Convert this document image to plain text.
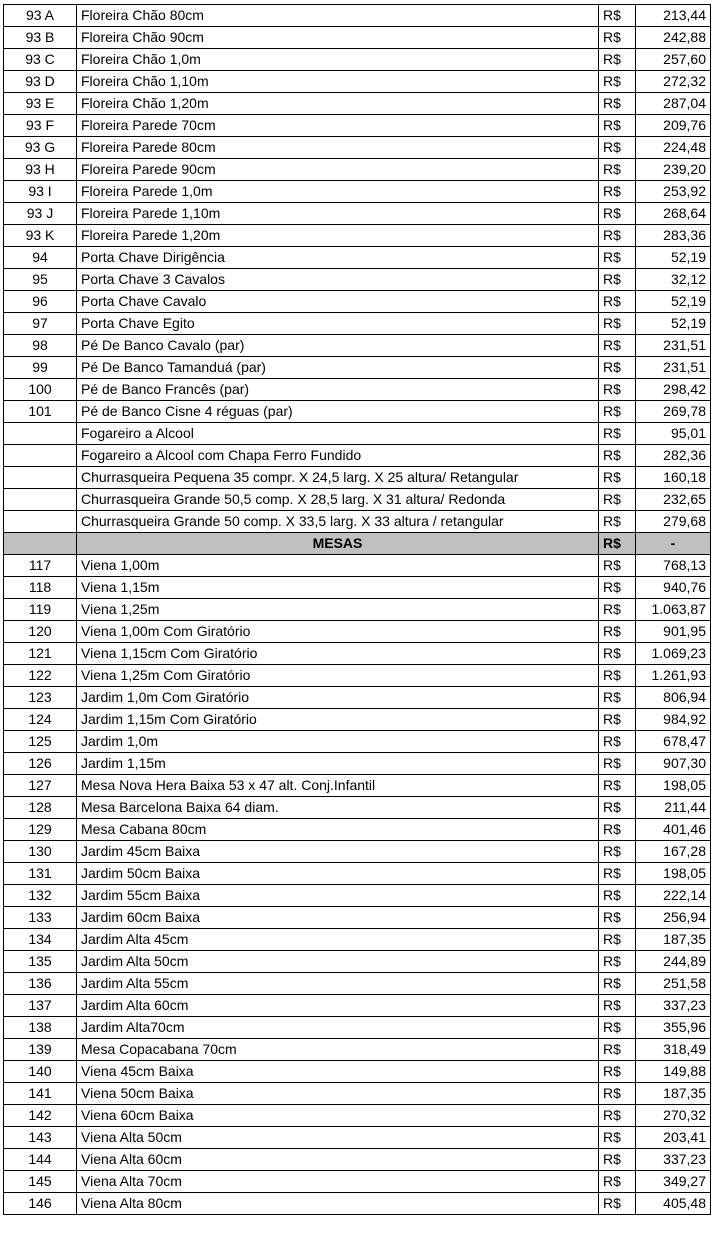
93 A	Floreira Chão 80cm	R$	213,44
93 B	Floreira Chão 90cm	R$	242,88
93 C	Floreira Chão 1,0m	R$	257,60
93 D	Floreira Chão 1,10m	R$	272,32
93 E	Floreira Chão 1,20m	R$	287,04
93 F	Floreira Parede 70cm	R$	209,76
93 G	Floreira Parede 80cm	R$	224,48
93 H	Floreira Parede 90cm	R$	239,20
93 I	Floreira Parede 1,0m	R$	253,92
93 J	Floreira Parede 1,10m	R$	268,64
93 K	Floreira Parede 1,20m	R$	283,36
94	Porta Chave Dirigência	R$	52,19
95	Porta Chave 3 Cavalos	R$	32,12
96	Porta Chave Cavalo	R$	52,19
97	Porta Chave Egito	R$	52,19
98	Pé De Banco Cavalo (par)	R$	231,51
99	Pé De Banco Tamanduá (par)	R$	231,51
100	Pé de Banco Francês (par)	R$	298,42
101	Pé de Banco Cisne 4 réguas (par)	R$	269,78
	Fogareiro a Alcool	R$	95,01
	Fogareiro a Alcool com Chapa Ferro Fundido	R$	282,36
	Churrasqueira Pequena 35 compr. X 24,5 larg. X 25 altura/ Retangular	R$	160,18
	Churrasqueira Grande 50,5 comp. X 28,5 larg. X 31 altura/ Redonda	R$	232,65
	Churrasqueira Grande 50 comp. X 33,5 larg. X 33 altura / retangular	R$	279,68
	MESAS	R$	-
117	Viena 1,00m	R$	768,13
118	Viena 1,15m	R$	940,76
119	Viena 1,25m	R$	1.063,87
120	Viena 1,00m Com Giratório	R$	901,95
121	Viena 1,15cm Com Giratório	R$	1.069,23
122	Viena 1,25m Com Giratório	R$	1.261,93
123	Jardim 1,0m Com Giratório	R$	806,94
124	Jardim 1,15m Com Giratório	R$	984,92
125	Jardim 1,0m	R$	678,47
126	Jardim 1,15m	R$	907,30
127	Mesa Nova Hera Baixa 53 x 47 alt. Conj.Infantil	R$	198,05
128	Mesa Barcelona Baixa 64 diam.	R$	211,44
129	Mesa Cabana 80cm	R$	401,46
130	Jardim 45cm Baixa	R$	167,28
131	Jardim 50cm Baixa	R$	198,05
132	Jardim 55cm Baixa	R$	222,14
133	Jardim 60cm Baixa	R$	256,94
134	Jardim Alta 45cm	R$	187,35
135	Jardim Alta 50cm	R$	244,89
136	Jardim Alta 55cm	R$	251,58
137	Jardim Alta 60cm	R$	337,23
138	Jardim Alta70cm	R$	355,96
139	Mesa Copacabana 70cm	R$	318,49
140	Viena 45cm Baixa	R$	149,88
141	Viena 50cm Baixa	R$	187,35
142	Viena 60cm Baixa	R$	270,32
143	Viena Alta 50cm	R$	203,41
144	Viena Alta 60cm	R$	337,23
145	Viena Alta 70cm	R$	349,27
146	Viena Alta 80cm	R$	405,48
